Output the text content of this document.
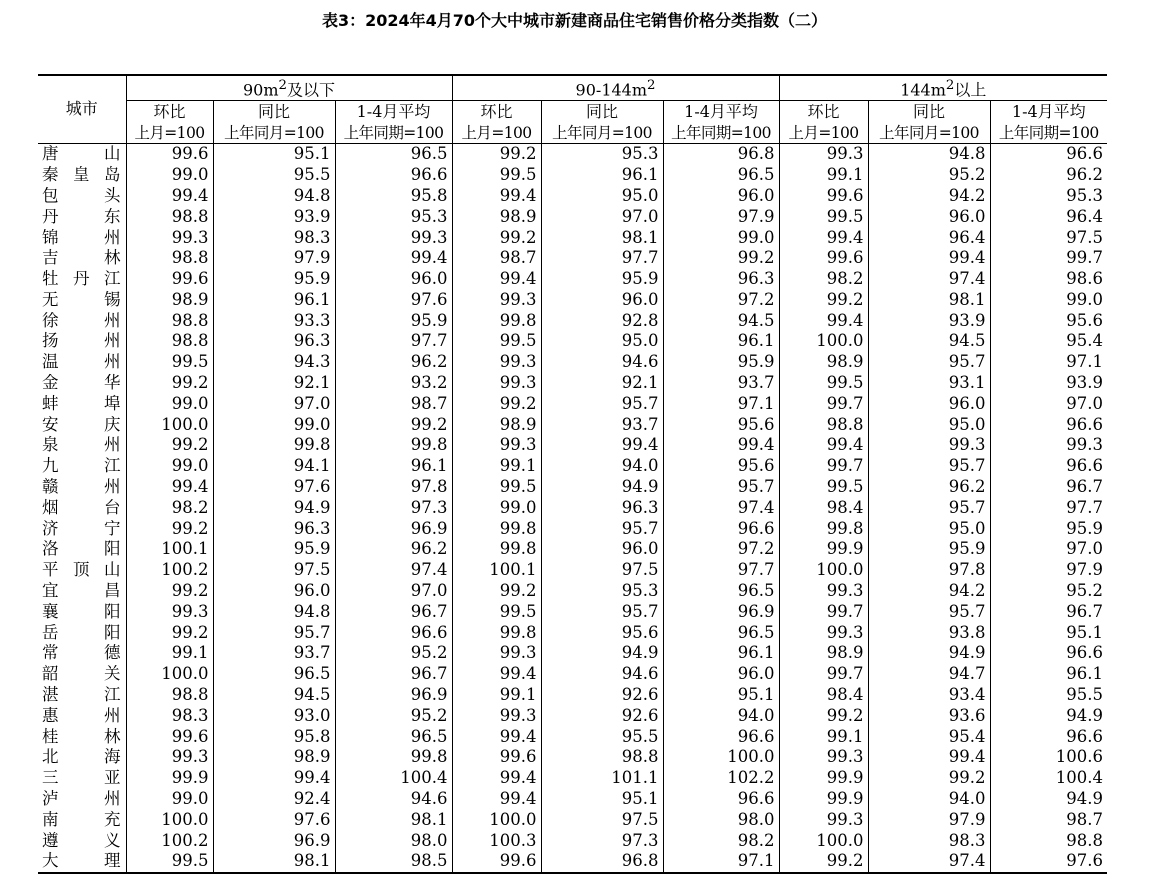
表3：2024年4月70个大中城市新建商品住宅销售价格分类指数（二）
城市	$90m^2$及以下			$90-144m^2$			$144m^2$以上		
	环比	同比	1-4月平均	环比	同比	1-4月平均	环比	同比	1-4月平均
	上月=100	上年同月=100	上年同期=100	上月=100	上年同月=100	上年同期=100	上月=100	上年同月=100	上年同期=100
唐山	99.6	95.1	96.5	99.2	95.3	96.8	99.3	94.8	96.6
秦皇岛	99.0	95.5	96.6	99.5	96.1	96.5	99.1	95.2	96.2
包头	99.4	94.8	95.8	99.4	95.0	96.0	99.6	94.2	95.3
丹东	98.8	93.9	95.3	98.9	97.0	97.9	99.5	96.0	96.4
锦州	99.3	98.3	99.3	99.2	98.1	99.0	99.4	96.4	97.5
吉林	98.8	97.9	99.4	98.7	97.7	99.2	99.6	99.4	99.7
牡丹江	99.6	95.9	96.0	99.4	95.9	96.3	98.2	97.4	98.6
无锡	98.9	96.1	97.6	99.3	96.0	97.2	99.2	98.1	99.0
徐州	98.8	93.3	95.9	99.8	92.8	94.5	99.4	93.9	95.6
扬州	98.8	96.3	97.7	99.5	95.0	96.1	100.0	94.5	95.4
温州	99.5	94.3	96.2	99.3	94.6	95.9	98.9	95.7	97.1
金华	99.2	92.1	93.2	99.3	92.1	93.7	99.5	93.1	93.9
蚌埠	99.0	97.0	98.7	99.2	95.7	97.1	99.7	96.0	97.0
安庆	100.0	99.0	99.2	98.9	93.7	95.6	98.8	95.0	96.6
泉州	99.2	99.8	99.8	99.3	99.4	99.4	99.4	99.3	99.3
九江	99.0	94.1	96.1	99.1	94.0	95.6	99.7	95.7	96.6
赣州	99.4	97.6	97.8	99.5	94.9	95.7	99.5	96.2	96.7
烟台	98.2	94.9	97.3	99.0	96.3	97.4	98.4	95.7	97.7
济宁	99.2	96.3	96.9	99.8	95.7	96.6	99.8	95.0	95.9
洛阳	100.1	95.9	96.2	99.8	96.0	97.2	99.9	95.9	97.0
平顶山	100.2	97.5	97.4	100.1	97.5	97.7	100.0	97.8	97.9
宜昌	99.2	96.0	97.0	99.2	95.3	96.5	99.3	94.2	95.2
襄阳	99.3	94.8	96.7	99.5	95.7	96.9	99.7	95.7	96.7
岳阳	99.2	95.7	96.6	99.8	95.6	96.5	99.3	93.8	95.1
常德	99.1	93.7	95.2	99.3	94.9	96.1	98.9	94.9	96.6
韶关	100.0	96.5	96.7	99.4	94.6	96.0	99.7	94.7	96.1
湛江	98.8	94.5	96.9	99.1	92.6	95.1	98.4	93.4	95.5
惠州	98.3	93.0	95.2	99.3	92.6	94.0	99.2	93.6	94.9
桂林	99.6	95.8	96.5	99.4	95.5	96.6	99.1	95.4	96.6
北海	99.3	98.9	99.8	99.6	98.8	100.0	99.3	99.4	100.6
三亚	99.9	99.4	100.4	99.4	101.1	102.2	99.9	99.2	100.4
泸州	99.0	92.4	94.6	99.4	95.1	96.6	99.9	94.0	94.9
南充	100.0	97.6	98.1	100.0	97.5	98.0	99.3	97.9	98.7
遵义	100.2	96.9	98.0	100.3	97.3	98.2	100.0	98.3	98.8
大理	99.5	98.1	98.5	99.6	96.8	97.1	99.2	97.4	97.6
